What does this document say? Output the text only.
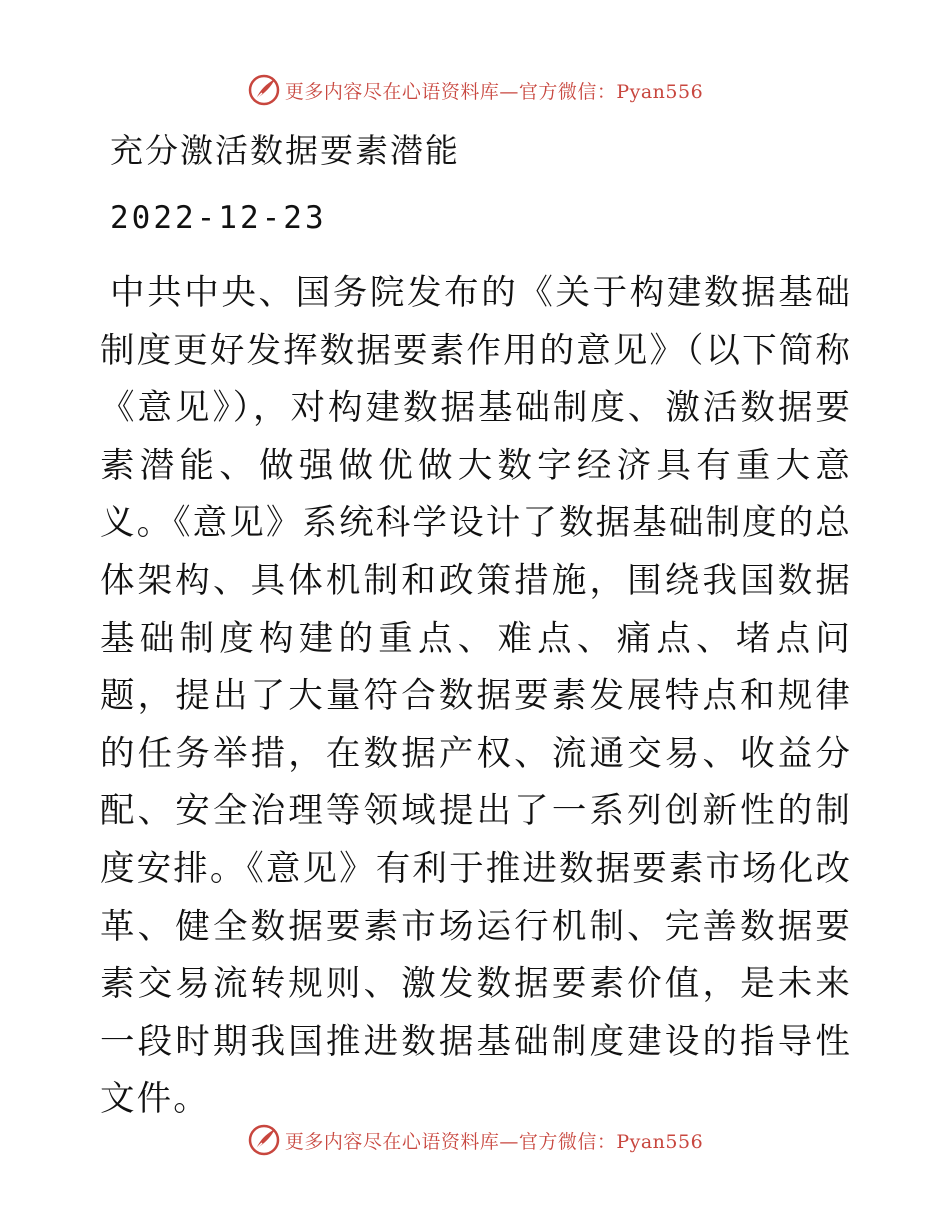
更多内容尽在心语资料库—官方微信：Pyan556
充分激活数据要素潜能
2022-12-23
中共中央、国务院发布的《关于构建数据基础制度更好发挥数据要素作用的意见》（以下简称《意见》），对构建数据基础制度、激活数据要素潜能、做强做优做大数字经济具有重大意义。《意见》系统科学设计了数据基础制度的总体架构、具体机制和政策措施，围绕我国数据基础制度构建的重点、难点、痛点、堵点问题，提出了大量符合数据要素发展特点和规律的任务举措，在数据产权、流通交易、收益分配、安全治理等领域提出了一系列创新性的制度安排。《意见》有利于推进数据要素市场化改革、健全数据要素市场运行机制、完善数据要素交易流转规则、激发数据要素价值，是未来一段时期我国推进数据基础制度建设的指导性文件。
更多内容尽在心语资料库—官方微信：Pyan556
